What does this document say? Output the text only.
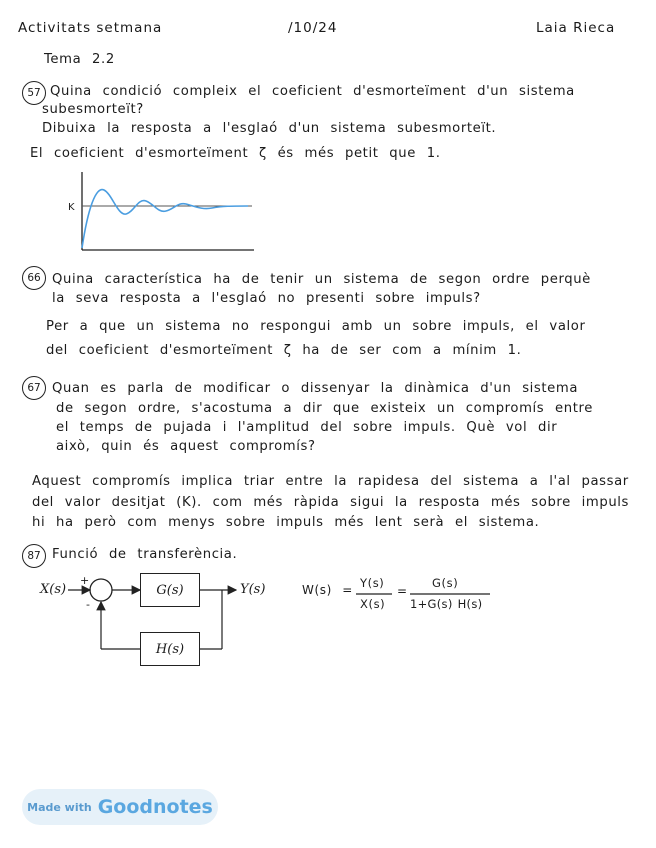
Activitats setmana	/10/24	Laia Rieca
Tema 2.2
57 Quina condició compleix el coeficient d'esmorteïment d'un sistema
subesmorteït?
Dibuixa la resposta a l'esglaó d'un sistema subesmorteït.
El coeficient d'esmorteïment ζ és més petit que 1.
K
66 Quina característica ha de tenir un sistema de segon ordre perquè
la seva resposta a l'esglaó no presenti sobre impuls?
Per a que un sistema no respongui amb un sobre impuls, el valor
del coeficient d'esmorteïment ζ ha de ser com a mínim 1.
67 Quan es parla de modificar o dissenyar la dinàmica d'un sistema
de segon ordre, s'acostuma a dir que existeix un compromís entre
el temps de pujada i l'amplitud del sobre impuls. Què vol dir
això, quin és aquest compromís?
Aquest compromís implica triar entre la rapidesa del sistema a l'al passar
del valor desitjat (K). com més ràpida sigui la resposta més sobre impuls
hi ha però com menys sobre impuls més lent serà el sistema.
87 Funció de transferència.
X(s)
+
-
G(s)
H(s)
Y(s)	W(s) = Y(s)
X(s)
=
G(s)
1+G(s) H(s)
Made with Goodnotes
